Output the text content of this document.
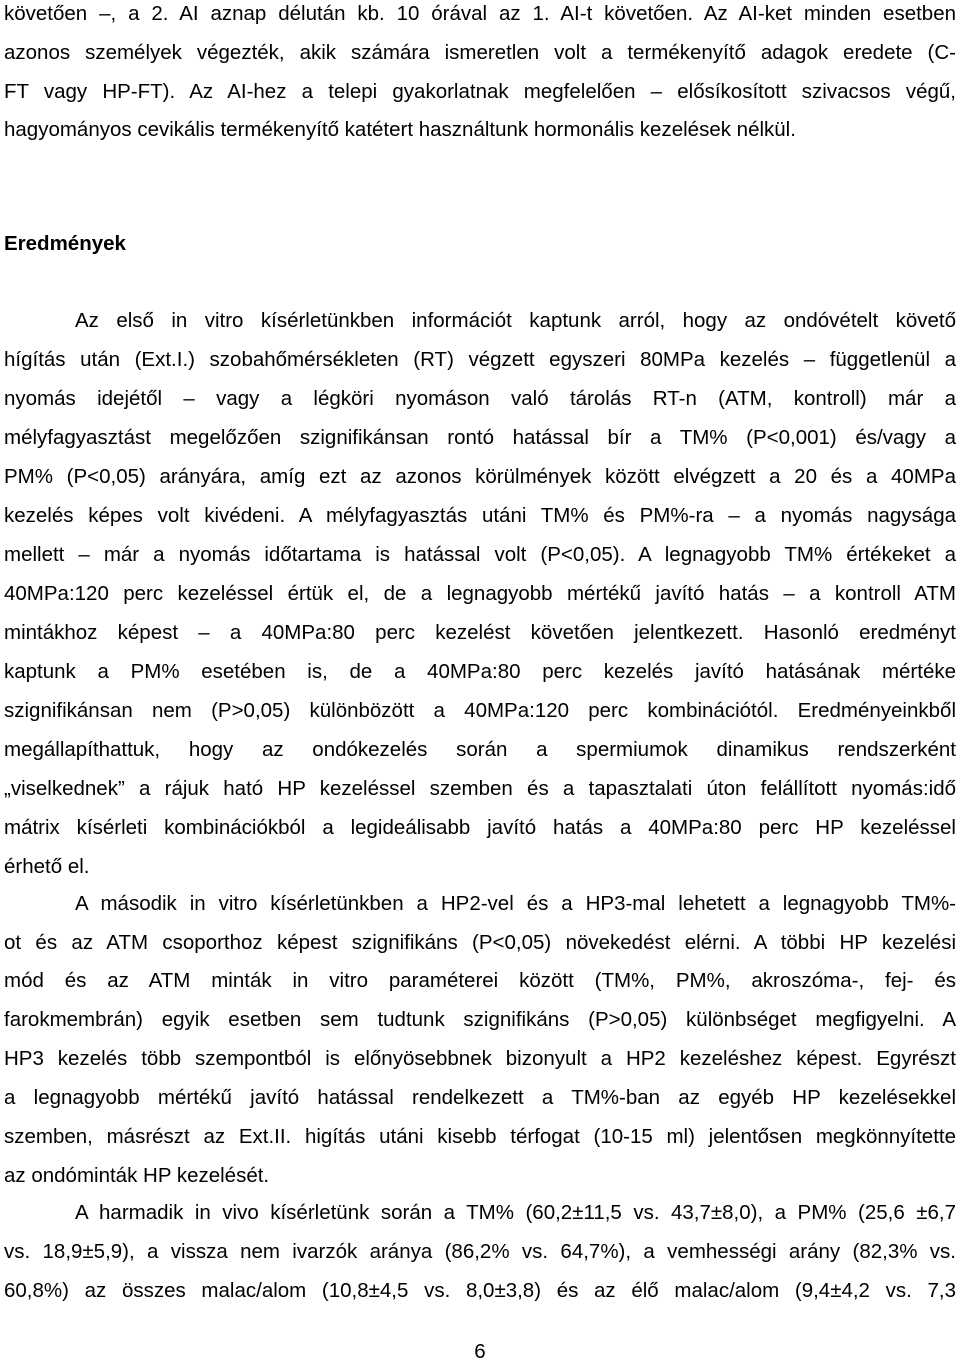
követően –, a 2. AI aznap délután kb. 10 órával az 1. AI-t követően. Az AI-ket minden esetben
azonos személyek végezték, akik számára ismeretlen volt a termékenyítő adagok eredete (C-
FT vagy HP-FT). Az AI-hez a telepi gyakorlatnak megfelelően – elősíkosított szivacsos végű,
hagyományos cevikális termékenyítő katétert használtunk hormonális kezelések nélkül.
Eredmények
Az első in vitro kísérletünkben információt kaptunk arról, hogy az ondóvételt követő
hígítás után (Ext.I.) szobahőmérsékleten (RT) végzett egyszeri 80MPa kezelés – függetlenül a
nyomás idejétől – vagy a légköri nyomáson való tárolás RT-n (ATM, kontroll) már a
mélyfagyasztást megelőzően szignifikánsan rontó hatással bír a TM% (P<0,001) és/vagy a
PM% (P<0,05) arányára, amíg ezt az azonos körülmények között elvégzett a 20 és a 40MPa
kezelés képes volt kivédeni. A mélyfagyasztás utáni TM% és PM%-ra – a nyomás nagysága
mellett – már a nyomás időtartama is hatással volt (P<0,05). A legnagyobb TM% értékeket a
40MPa:120 perc kezeléssel értük el, de a legnagyobb mértékű javító hatás – a kontroll ATM
mintákhoz képest – a 40MPa:80 perc kezelést követően jelentkezett. Hasonló eredményt
kaptunk a PM% esetében is, de a 40MPa:80 perc kezelés javító hatásának mértéke
szignifikánsan nem (P>0,05) különbözött a 40MPa:120 perc kombinációtól. Eredményeinkből
megállapíthattuk, hogy az ondókezelés során a spermiumok dinamikus rendszerként
„viselkednek” a rájuk ható HP kezeléssel szemben és a tapasztalati úton felállított nyomás:idő
mátrix kísérleti kombinációkból a legideálisabb javító hatás a 40MPa:80 perc HP kezeléssel
érhető el.
A második in vitro kísérletünkben a HP2-vel és a HP3-mal lehetett a legnagyobb TM%-
ot és az ATM csoporthoz képest szignifikáns (P<0,05) növekedést elérni. A többi HP kezelési
mód és az ATM minták in vitro paraméterei között (TM%, PM%, akroszóma-, fej- és
farokmembrán) egyik esetben sem tudtunk szignifikáns (P>0,05) különbséget megfigyelni. A
HP3 kezelés több szempontból is előnyösebbnek bizonyult a HP2 kezeléshez képest. Egyrészt
a legnagyobb mértékű javító hatással rendelkezett a TM%-ban az egyéb HP kezelésekkel
szemben, másrészt az Ext.II. higítás utáni kisebb térfogat (10-15 ml) jelentősen megkönnyítette
az ondóminták HP kezelését.
A harmadik in vivo kísérletünk során a TM% (60,2±11,5 vs. 43,7±8,0), a PM% (25,6 ±6,7
vs. 18,9±5,9), a vissza nem ivarzók aránya (86,2% vs. 64,7%), a vemhességi arány (82,3% vs.
60,8%) az összes malac/alom (10,8±4,5 vs. 8,0±3,8) és az élő malac/alom (9,4±4,2 vs. 7,3
6
